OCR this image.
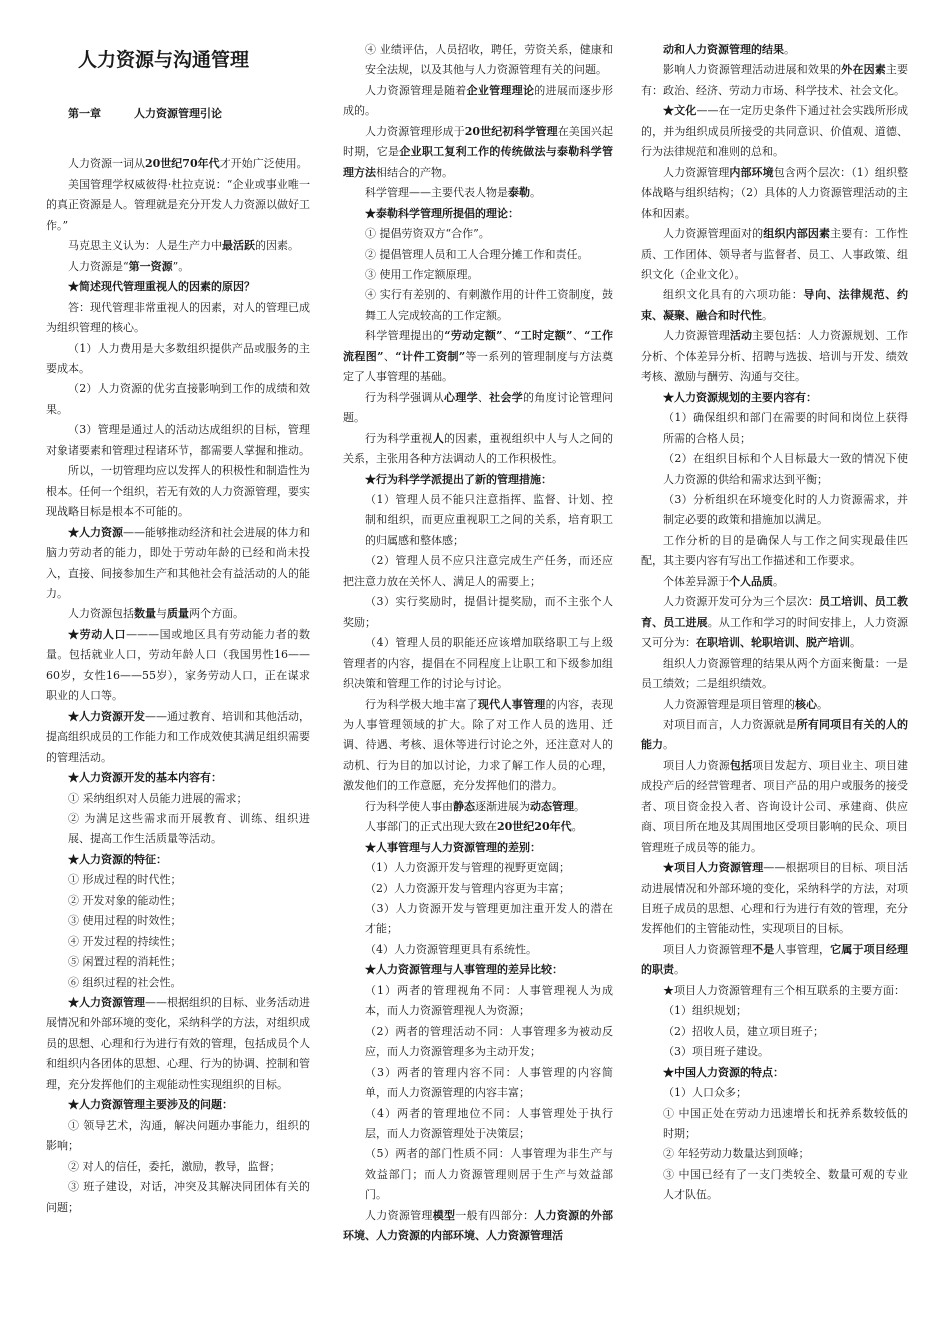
人力资源与沟通管理

第一章　　　人力资源管理引论

人力资源一词从20世纪70年代才开始广泛使用。

美国管理学权威彼得·杜拉克说：“企业或事业唯一的真正资源是人。管理就是充分开发人力资源以做好工作。”

马克思主义认为：人是生产力中最活跃的因素。

人力资源是“第一资源”。

★简述现代管理重视人的因素的原因？

答：现代管理非常重视人的因素，对人的管理已成为组织管理的核心。

（1）人力费用是大多数组织提供产品或服务的主要成本。

（2）人力资源的优劣直接影响到工作的成绩和效果。

（3）管理是通过人的活动达成组织的目标，管理对象诸要素和管理过程诸环节，都需要人掌握和推动。

所以，一切管理均应以发挥人的积极性和制造性为根本。任何一个组织，若无有效的人力资源管理，要实现战略目标是根本不可能的。

★人力资源——能够推动经济和社会进展的体力和脑力劳动者的能力，即处于劳动年龄的已经和尚未投入，直接、间接参加生产和其他社会有益活动的人的能力。

人力资源包括数量与质量两个方面。

★劳动人口———国或地区具有劳动能力者的数量。包括就业人口，劳动年龄人口（我国男性16——60岁，女性16——55岁），家务劳动人口，正在谋求职业的人口等。

★人力资源开发——通过教育、培训和其他活动，提高组织成员的工作能力和工作成效使其满足组织需要的管理活动。

★人力资源开发的基本内容有：

① 采纳组织对人员能力进展的需求；

② 为满足这些需求而开展教育、训练、组织进展、提高工作生活质量等活动。

★人力资源的特征：

① 形成过程的时代性；

② 开发对象的能动性；

③ 使用过程的时效性；

④ 开发过程的持续性；

⑤ 闲置过程的消耗性；

⑥ 组织过程的社会性。

★人力资源管理——根据组织的目标、业务活动进展情况和外部环境的变化，采纳科学的方法，对组织成员的思想、心理和行为进行有效的管理，包括成员个人和组织内各团体的思想、心理、行为的协调、控制和管理，充分发挥他们的主观能动性实现组织的目标。

★人力资源管理主要涉及的问题：

① 领导艺术，沟通，解决问题办事能力，组织的影响；

② 对人的信任，委托，激励，教导，监督；

③ 班子建设，对话，冲突及其解决同团体有关的问题；

④ 业绩评估，人员招收，聘任，劳资关系，健康和安全法规，以及其他与人力资源管理有关的问题。

人力资源管理是随着企业管理理论的进展而逐步形成的。

人力资源管理形成于20世纪初科学管理在美国兴起时期，它是企业职工复利工作的传统做法与泰勒科学管理方法相结合的产物。

科学管理——主要代表人物是泰勒。

★泰勒科学管理所提倡的理论：

① 提倡劳资双方“合作”。

② 提倡管理人员和工人合理分摊工作和责任。

③ 使用工作定额原理。

④ 实行有差别的、有刺激作用的计件工资制度，鼓舞工人完成较高的工作定额。

科学管理提出的“劳动定额”、“工时定额”、“工作流程图”、“计件工资制”等一系列的管理制度与方法奠定了人事管理的基础。

行为科学强调从心理学、社会学的角度讨论管理问题。

行为科学重视人的因素，重视组织中人与人之间的关系，主张用各种方法调动人的工作积极性。

★行为科学学派提出了新的管理措施：

（1）管理人员不能只注意指挥、监督、计划、控制和组织，而更应重视职工之间的关系，培育职工的归属感和整体感；

（2）管理人员不应只注意完成生产任务，而还应把注意力放在关怀人、满足人的需要上；

（3）实行奖励时，提倡计提奖励，而不主张个人奖励；

（4）管理人员的职能还应该增加联络职工与上级管理者的内容，提倡在不同程度上让职工和下级参加组织决策和管理工作的讨论与讨论。

行为科学极大地丰富了现代人事管理的内容，表现为人事管理领域的扩大。除了对工作人员的选用、迁调、待遇、考核、退休等进行讨论之外，还注意对人的动机、行为目的加以讨论，力求了解工作人员的心理，激发他们的工作意愿，充分发挥他们的潜力。

行为科学使人事由静态逐渐进展为动态管理。

人事部门的正式出现大致在20世纪20年代。

★人事管理与人力资源管理的差别：

（1）人力资源开发与管理的视野更宽阔；

（2）人力资源开发与管理内容更为丰富；

（3）人力资源开发与管理更加注重开发人的潜在才能；

（4）人力资源管理更具有系统性。

★人力资源管理与人事管理的差异比较：

（1）两者的管理视角不同：人事管理视人为成本，而人力资源管理视人为资源；

（2）两者的管理活动不同：人事管理多为被动反应，而人力资源管理多为主动开发；

（3）两者的管理内容不同：人事管理的内容简单，而人力资源管理的内容丰富；

（4）两者的管理地位不同：人事管理处于执行层，而人力资源管理处于决策层；

（5）两者的部门性质不同：人事管理为非生产与效益部门；而人力资源管理则居于生产与效益部门。

人力资源管理模型一般有四部分：人力资源的外部环境、人力资源的内部环境、人力资源管理活

动和人力资源管理的结果。

影响人力资源管理活动进展和效果的外在因素主要有：政治、经济、劳动力市场、科学技术、社会文化。

★文化——在一定历史条件下通过社会实践所形成的，并为组织成员所接受的共同意识、价值观、道德、行为法律规范和准则的总和。

人力资源管理内部环境包含两个层次：（1）组织整体战略与组织结构；（2）具体的人力资源管理活动的主体和因素。

人力资源管理面对的组织内部因素主要有：工作性质、工作团体、领导者与监督者、员工、人事政策、组织文化（企业文化）。

组织文化具有的六项功能：导向、法律规范、约束、凝聚、融合和时代性。

人力资源管理活动主要包括：人力资源规划、工作分析、个体差异分析、招聘与选拔、培训与开发、绩效考核、激励与酬劳、沟通与交往。

★人力资源规划的主要内容有：

（1）确保组织和部门在需要的时间和岗位上获得所需的合格人员；

（2）在组织目标和个人目标最大一致的情况下使人力资源的供给和需求达到平衡；

（3）分析组织在环境变化时的人力资源需求，并制定必要的政策和措施加以满足。

工作分析的目的是确保人与工作之间实现最佳匹配，其主要内容有写出工作描述和工作要求。

个体差异源于个人品质。

人力资源开发可分为三个层次：员工培训、员工教育、员工进展。从工作和学习的时间安排上，人力资源又可分为：在职培训、轮职培训、脱产培训。

组织人力资源管理的结果从两个方面来衡量：一是员工绩效；二是组织绩效。

人力资源管理是项目管理的核心。

对项目而言，人力资源就是所有同项目有关的人的能力。

项目人力资源包括项目发起方、项目业主、项目建成投产后的经营管理者、项目产品的用户或服务的接受者、项目资金投入者、咨询设计公司、承建商、供应商、项目所在地及其周围地区受项目影响的民众、项目管理班子成员等的能力。

★项目人力资源管理——根据项目的目标、项目活动进展情况和外部环境的变化，采纳科学的方法，对项目班子成员的思想、心理和行为进行有效的管理，充分发挥他们的主管能动性，实现项目的目标。

项目人力资源管理不是人事管理，它属于项目经理的职责。

★项目人力资源管理有三个相互联系的主要方面：

（1）组织规划；

（2）招收人员，建立项目班子；

（3）项目班子建设。

★中国人力资源的特点：

（1）人口众多；

① 中国正处在劳动力迅速增长和抚养系数较低的时期；

② 年轻劳动力数量达到顶峰；

③ 中国已经有了一支门类较全、数量可观的专业人才队伍。
